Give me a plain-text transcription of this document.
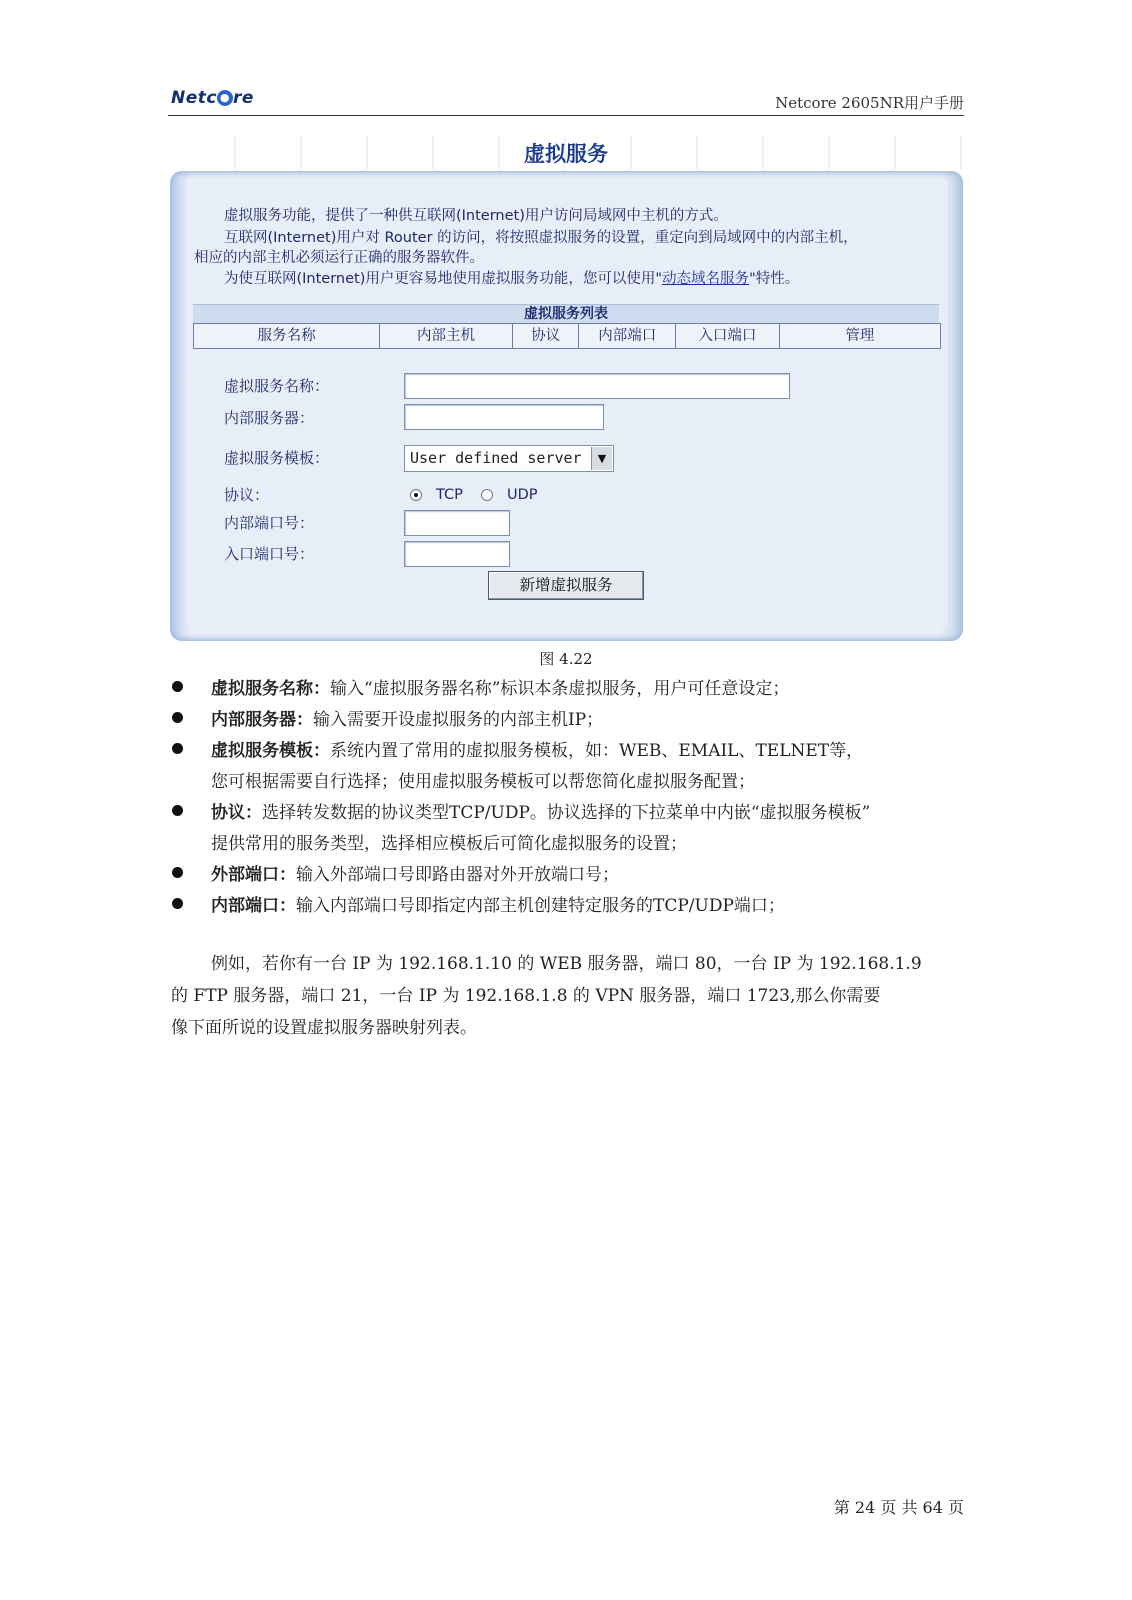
Netc ● re	Netcore 2605NR用户手册
虚拟服务
虚拟服务功能，提供了一种供互联网(Internet)用户访问局域网中主机的方式。
互联网(Internet)用户对 Router 的访问，将按照虚拟服务的设置，重定向到局域网中的内部主机，
相应的内部主机必须运行正确的服务器软件。
为使互联网(Internet)用户更容易地使用虚拟服务功能，您可以使用"动态域名服务"特性。
虚拟服务列表
服务名称	内部主机	协议	内部端口	入口端口	管理
虚拟服务名称：
内部服务器：
虚拟服务模板：	User defined server	▼
协议：	TCP	UDP
内部端口号：
入口端口号：
新增虚拟服务
图 4.22
虚拟服务名称：输入“虚拟服务器名称”标识本条虚拟服务，用户可任意设定；
内部服务器：输入需要开设虚拟服务的内部主机IP；
虚拟服务模板：系统内置了常用的虚拟服务模板，如：WEB、EMAIL、TELNET等，
您可根据需要自行选择；使用虚拟服务模板可以帮您简化虚拟服务配置；
协议：选择转发数据的协议类型TCP/UDP。协议选择的下拉菜单中内嵌“虚拟服务模板”
提供常用的服务类型，选择相应模板后可简化虚拟服务的设置；
外部端口：输入外部端口号即路由器对外开放端口号；
内部端口：输入内部端口号即指定内部主机创建特定服务的TCP/UDP端口；
例如，若你有一台 IP 为 192.168.1.10 的 WEB 服务器，端口 80，一台 IP 为 192.168.1.9
的 FTP 服务器，端口 21，一台 IP 为 192.168.1.8 的 VPN 服务器，端口 1723,那么你需要
像下面所说的设置虚拟服务器映射列表。
第 24 页 共 64 页
